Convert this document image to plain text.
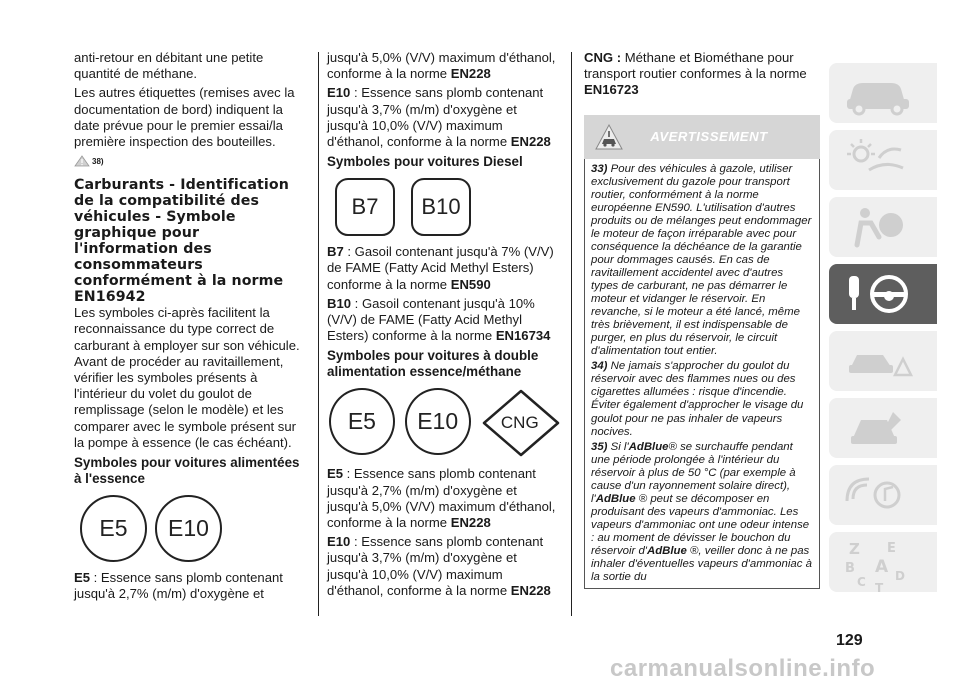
anti-retour en débitant une petite quantité de méthane.

Les autres étiquettes (remises avec la documentation de bord) indiquent la date prévue pour le premier essai/la première inspection des bouteilles.

38)
Carburants - Identification de la compatibilité des véhicules - Symbole graphique pour l'information des consommateurs conformément à la norme EN16942

Les symboles ci-après facilitent la reconnaissance du type correct de carburant à employer sur son véhicule. Avant de procéder au ravitaillement, vérifier les symboles présents à l'intérieur du volet du goulot de remplissage (selon le modèle) et les comparer avec le symbole présent sur la pompe à essence (le cas échéant).

Symboles pour voitures alimentées à l'essence
E5	E10

E5 : Essence sans plomb contenant jusqu'à 2,7% (m/m) d'oxygène et

jusqu'à 5,0% (V/V) maximum d'éthanol, conforme à la norme EN228

E10 : Essence sans plomb contenant jusqu'à 3,7% (m/m) d'oxygène et jusqu'à 10,0% (V/V) maximum d'éthanol, conforme à la norme EN228

Symboles pour voitures Diesel
B7	B10

B7 : Gasoil contenant jusqu'à 7% (V/V) de FAME (Fatty Acid Methyl Esters) conforme à la norme EN590

B10 : Gasoil contenant jusqu'à 10% (V/V) de FAME (Fatty Acid Methyl Esters) conforme à la norme EN16734

Symboles pour voitures à double alimentation essence/méthane
E5	E10	CNG

E5 : Essence sans plomb contenant jusqu'à 2,7% (m/m) d'oxygène et jusqu'à 5,0% (V/V) maximum d'éthanol, conforme à la norme EN228

E10 : Essence sans plomb contenant jusqu'à 3,7% (m/m) d'oxygène et jusqu'à 10,0% (V/V) maximum d'éthanol, conforme à la norme EN228

CNG : Méthane et Biométhane pour transport routier conformes à la norme EN16723

AVERTISSEMENT

33) Pour des véhicules à gazole, utiliser exclusivement du gazole pour transport routier, conformément à la norme européenne EN590. L'utilisation d'autres produits ou de mélanges peut endommager le moteur de façon irréparable avec pour conséquence la déchéance de la garantie pour dommages causés. En cas de ravitaillement accidentel avec d'autres types de carburant, ne pas démarrer le moteur et vidanger le réservoir. En revanche, si le moteur a été lancé, même très brièvement, il est indispensable de purger, en plus du réservoir, le circuit d'alimentation tout entier.

34) Ne jamais s'approcher du goulot du réservoir avec des flammes nues ou des cigarettes allumées : risque d'incendie. Éviter également d'approcher le visage du goulot pour ne pas inhaler de vapeurs nocives.

35) Si l'AdBlue® se surchauffe pendant une période prolongée à l'intérieur du réservoir à plus de 50 °C (par exemple à cause d'un rayonnement solaire direct), l'AdBlue ® peut se décomposer en produisant des vapeurs d'ammoniac. Les vapeurs d'ammoniac ont une odeur intense : au moment de dévisser le bouchon du réservoir d'AdBlue ®, veiller donc à ne pas inhaler d'éventuelles vapeurs d'ammoniac à la sortie du

Z E
B A
C D
T
129
carmanualsonline.info
